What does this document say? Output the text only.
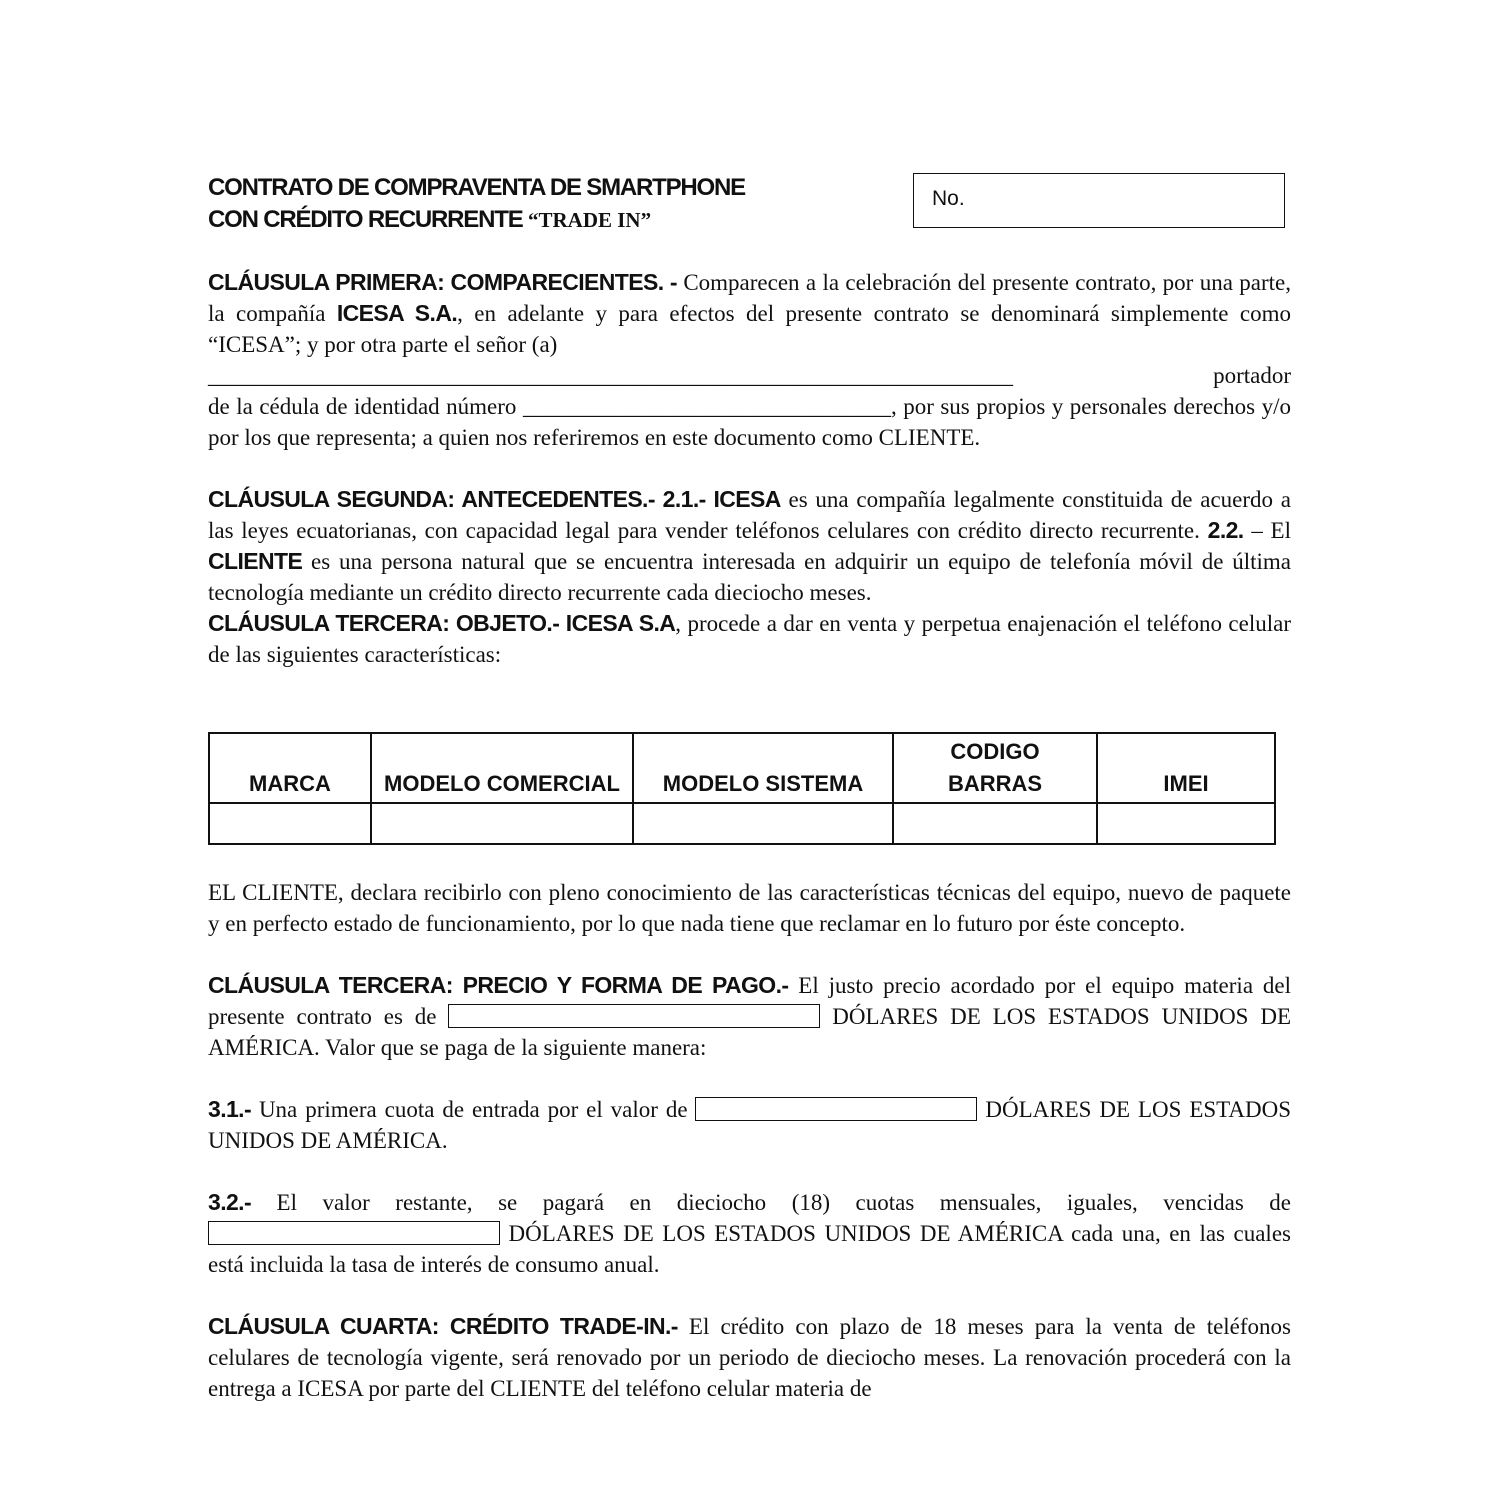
CONTRATO DE COMPRAVENTA DE SMARTPHONE
CON CRÉDITO RECURRENTE “TRADE IN”
No.

CLÁUSULA PRIMERA: COMPARECIENTES. - Comparecen a la celebración del presente contrato, por una parte, la compañía ICESA S.A., en adelante y para efectos del presente contrato se denominará simplemente como “ICESA”; y por otra parte el señor (a)

______________________________________________________________________	portador

de la cédula de identidad número ________________________________, por sus propios y personales derechos y/o por los que representa; a quien nos referiremos en este documento como CLIENTE.

CLÁUSULA SEGUNDA: ANTECEDENTES.- 2.1.- ICESA es una compañía legalmente constituida de acuerdo a las leyes ecuatorianas, con capacidad legal para vender teléfonos celulares con crédito directo recurrente. 2.2. – El CLIENTE es una persona natural que se encuentra interesada en adquirir un equipo de telefonía móvil de última tecnología mediante un crédito directo recurrente cada dieciocho meses.

CLÁUSULA TERCERA: OBJETO.- ICESA S.A, procede a dar en venta y perpetua enajenación el teléfono celular de las siguientes características:

MARCA	MODELO COMERCIAL	MODELO SISTEMA	CODIGO BARRAS	IMEI

EL CLIENTE, declara recibirlo con pleno conocimiento de las características técnicas del equipo, nuevo de paquete y en perfecto estado de funcionamiento, por lo que nada tiene que reclamar en lo futuro por éste concepto.

CLÁUSULA TERCERA: PRECIO Y FORMA DE PAGO.- El justo precio acordado por el equipo materia del presente contrato es de	DÓLARES DE LOS ESTADOS UNIDOS DE AMÉRICA. Valor que se paga de la siguiente manera:

3.1.- Una primera cuota de entrada por el valor de	DÓLARES DE LOS ESTADOS UNIDOS DE AMÉRICA.

3.2.- El valor restante, se pagará en dieciocho (18) cuotas mensuales, iguales, vencidas de  DÓLARES DE LOS ESTADOS UNIDOS DE AMÉRICA cada una, en las cuales está incluida la tasa de interés de consumo anual.

CLÁUSULA CUARTA: CRÉDITO TRADE-IN.- El crédito con plazo de 18 meses para la venta de teléfonos celulares de tecnología vigente, será renovado por un periodo de dieciocho meses. La renovación procederá con la entrega a ICESA por parte del CLIENTE del teléfono celular materia de
